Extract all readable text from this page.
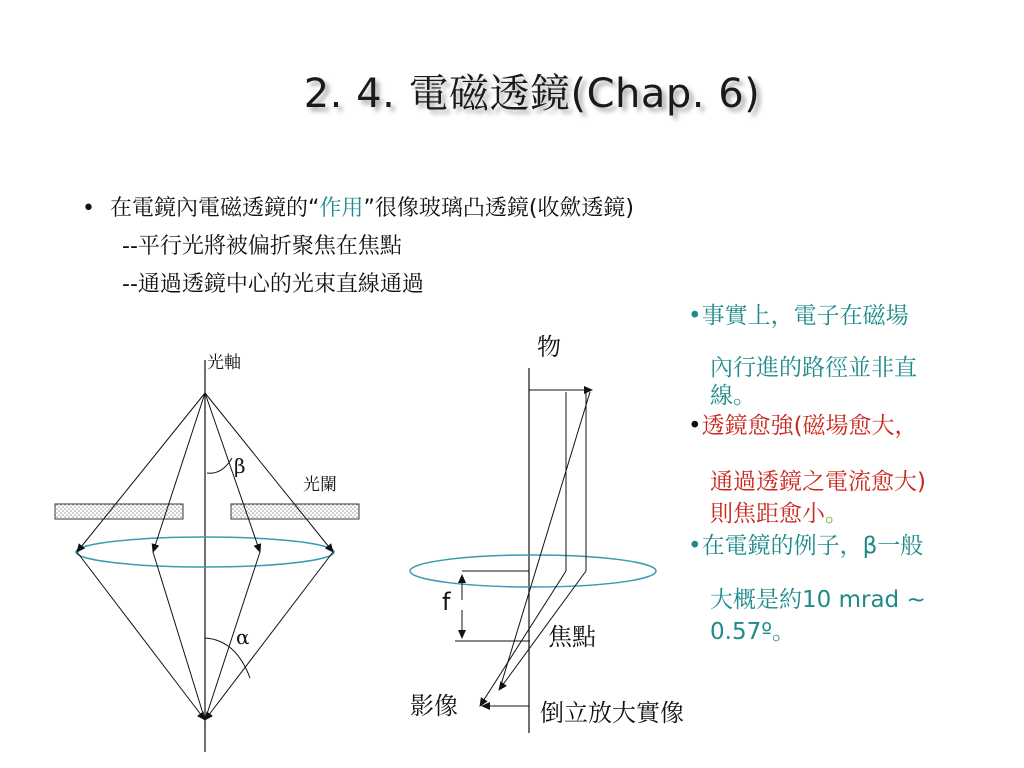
2. 4. 電磁透鏡(Chap. 6)
• 在電鏡內電磁透鏡的“作用”很像玻璃凸透鏡(收歛透鏡)
--平行光將被偏折聚焦在焦點
--通過透鏡中心的光束直線通過
光軸
光闌
β
α
物
f
焦點
影像	倒立放大實像
•事實上，電子在磁場
內行進的路徑並非直
線。
•透鏡愈強(磁場愈大，
通過透鏡之電流愈大)
則焦距愈小。
•在電鏡的例子，β一般
大概是約10 mrad ~
0.57º。
